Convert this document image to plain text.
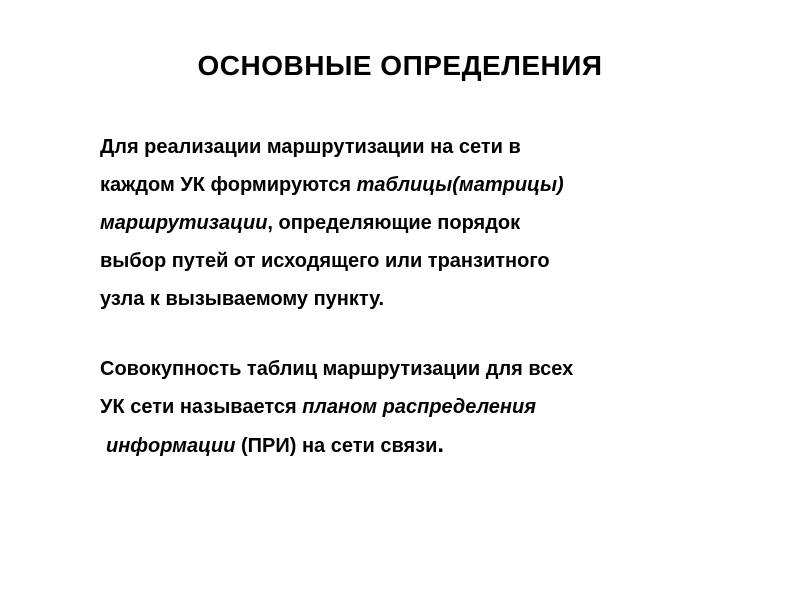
ОСНОВНЫЕ ОПРЕДЕЛЕНИЯ

Для реализации маршрутизации на сети в
каждом УК формируются таблицы(матрицы)
маршрутизации, определяющие порядок
выбор путей от исходящего или транзитного
узла к вызываемому пункту.

Совокупность таблиц маршрутизации для всех
УК сети называется планом распределения
информации (ПРИ) на сети связи.
